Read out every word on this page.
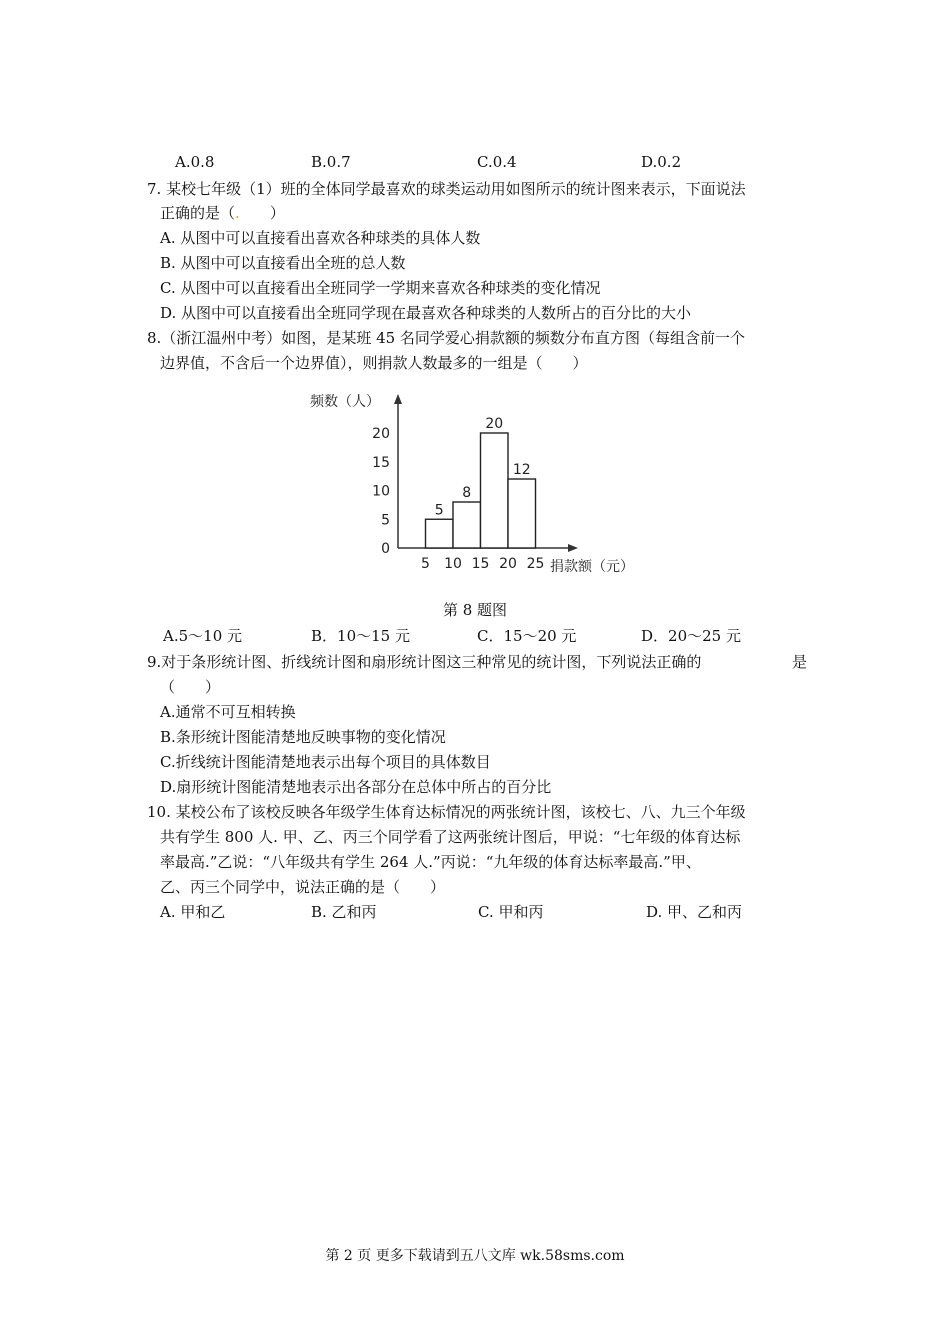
A.0.8	B.0.7	C.0.4	D.0.2
7. 某校七年级（1）班的全体同学最喜欢的球类运动用如图所示的统计图来表示，下面说法
正确的是（.　　 ）
A. 从图中可以直接看出喜欢各种球类的具体人数
B. 从图中可以直接看出全班的总人数
C. 从图中可以直接看出全班同学一学期来喜欢各种球类的变化情况
D. 从图中可以直接看出全班同学现在最喜欢各种球类的人数所占的百分比的大小
8.（浙江温州中考）如图，是某班 45 名同学爱心捐款额的频数分布直方图（每组含前一个
边界值，不含后一个边界值），则捐款人数最多的一组是（　　）
5
8
20
12
5 10 15 20 25
0
5
10
15
20
频数（人）
捐款额（元）
第 8 题图
A.5～10 元	B．10～15 元	C．15～20 元	D．20～25 元
9.对于条形统计图、折线统计图和扇形统计图这三种常见的统计图，下列说法正确的	是
（　　）
A.通常不可互相转换
B.条形统计图能清楚地反映事物的变化情况
C.折线统计图能清楚地表示出每个项目的具体数目
D.扇形统计图能清楚地表示出各部分在总体中所占的百分比
10. 某校公布了该校反映各年级学生体育达标情况的两张统计图，该校七、八、九三个年级
共有学生 800 人. 甲、乙、丙三个同学看了这两张统计图后，甲说：“七年级的体育达标
率最高.”乙说：“八年级共有学生 264 人.”丙说：“九年级的体育达标率最高.”甲、
乙、丙三个同学中，说法正确的是（　　）
A. 甲和乙	B. 乙和丙	C. 甲和丙	D. 甲、乙和丙
第 2 页 更多下载请到五八文库 wk.58sms.com
